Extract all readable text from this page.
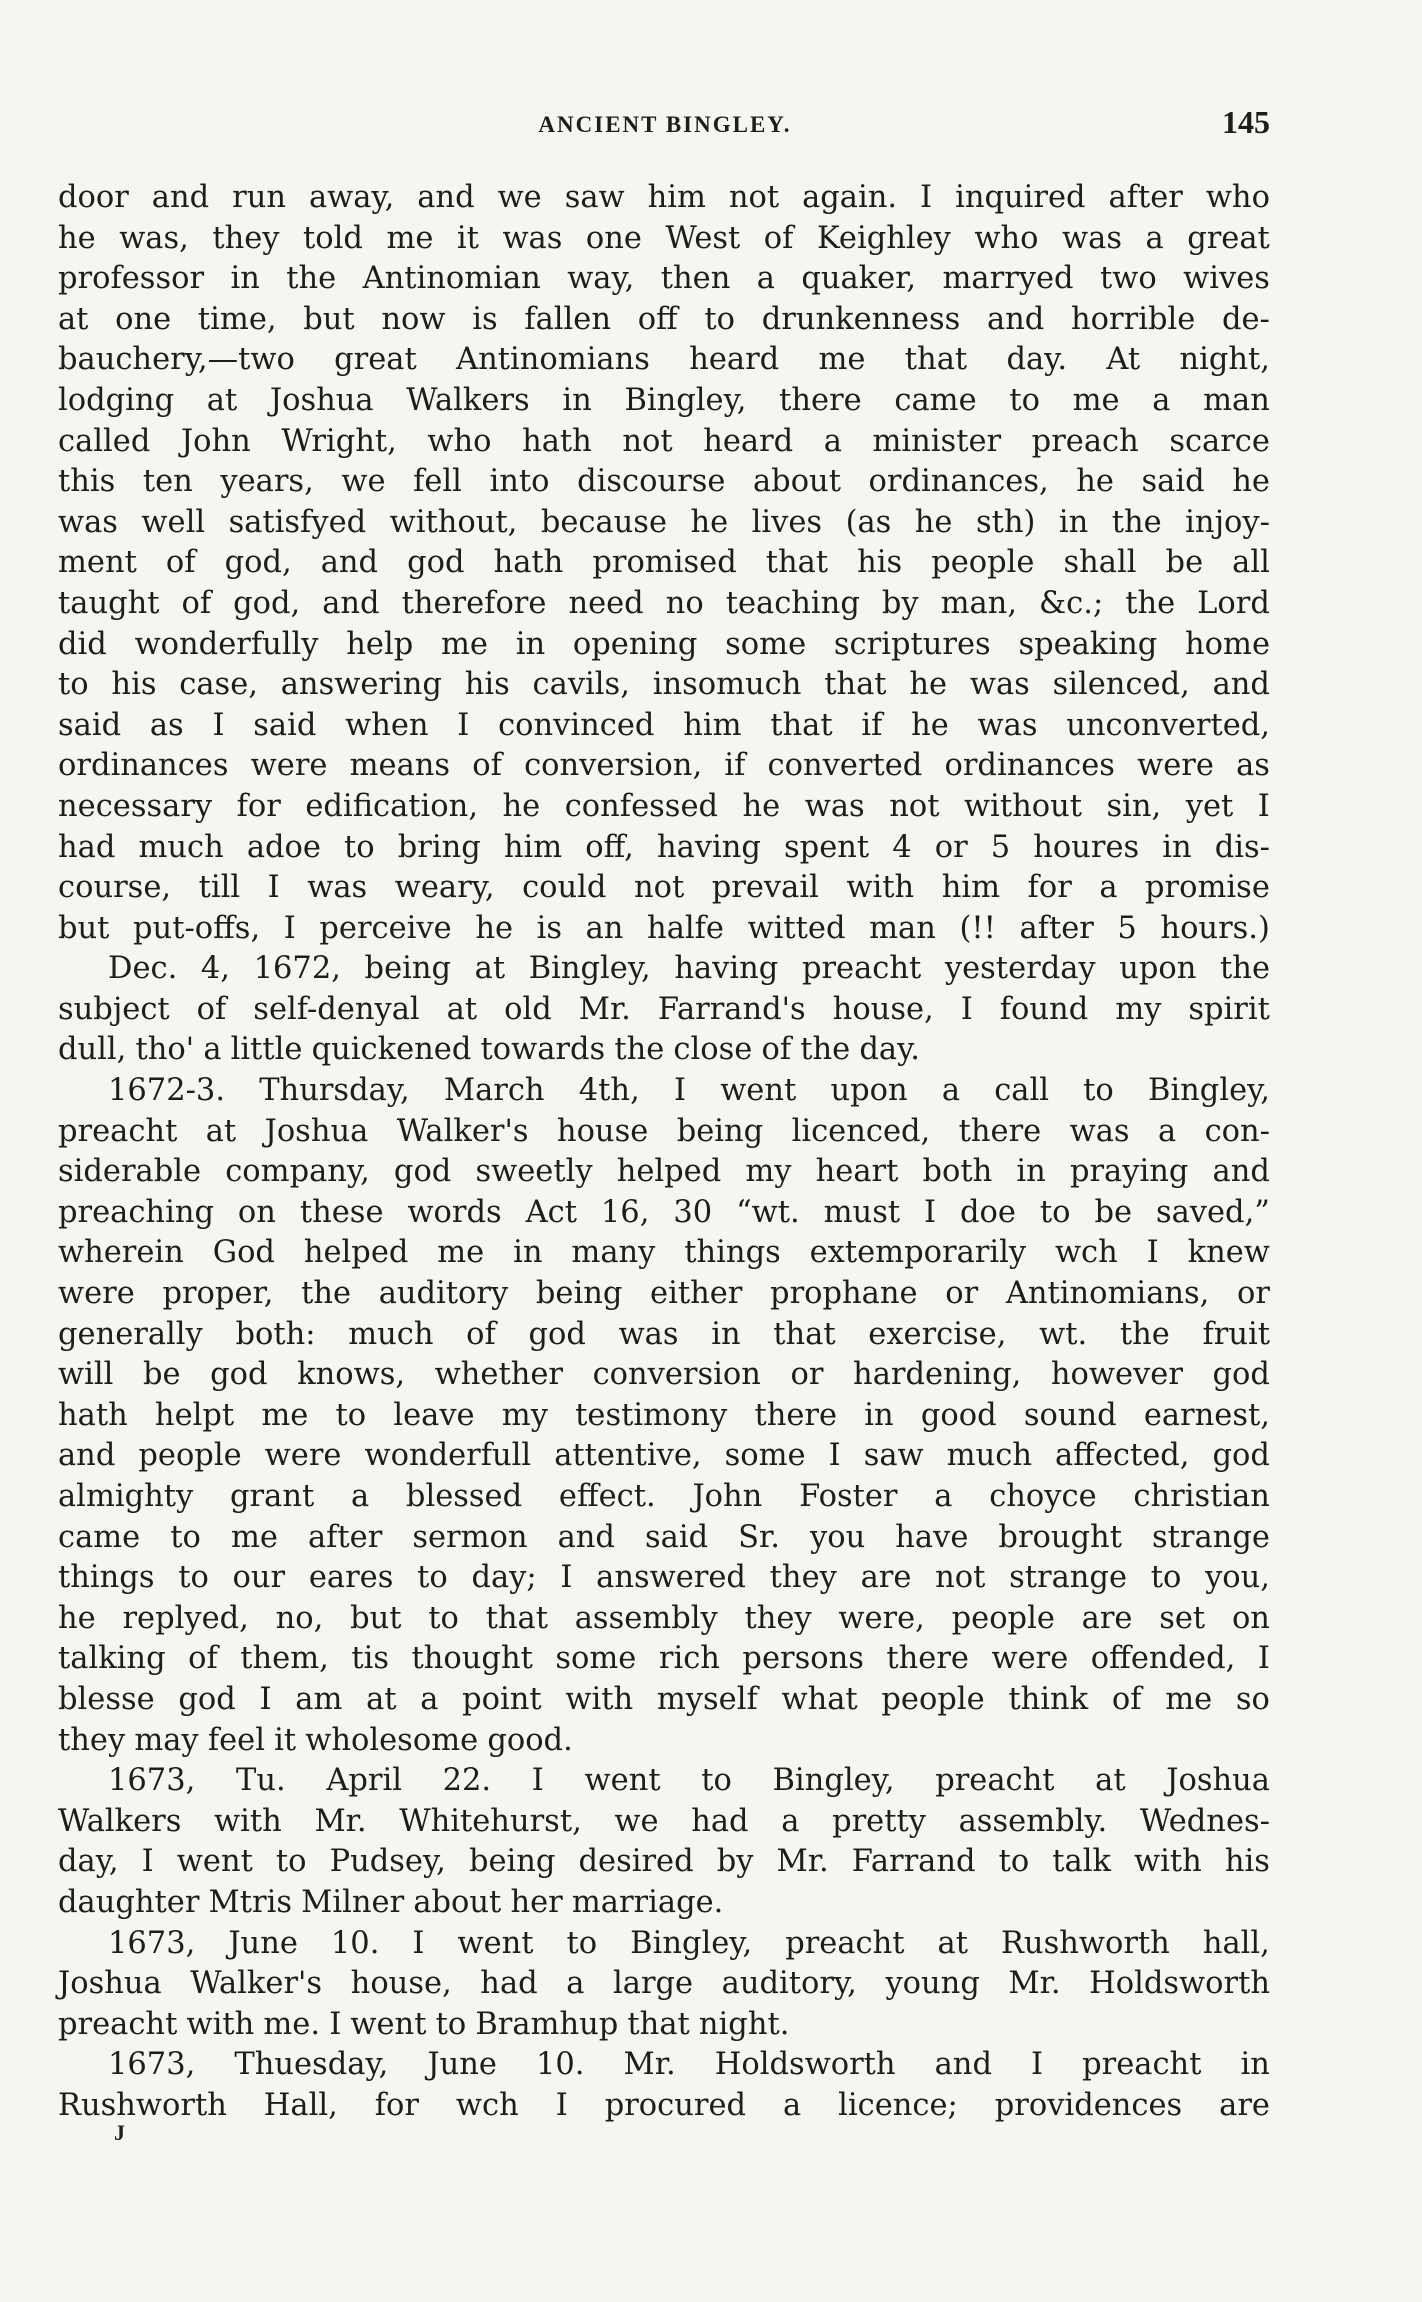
ANCIENT BINGLEY.	145
door and run away, and we saw him not again. I inquired after who
he was, they told me it was one West of Keighley who was a great
professor in the Antinomian way, then a quaker, marryed two wives
at one time, but now is fallen off to drunkenness and horrible de-
bauchery,—two great Antinomians heard me that day. At night,
lodging at Joshua Walkers in Bingley, there came to me a man
called John Wright, who hath not heard a minister preach scarce
this ten years, we fell into discourse about ordinances, he said he
was well satisfyed without, because he lives (as he sth) in the injoy-
ment of god, and god hath promised that his people shall be all
taught of god, and therefore need no teaching by man, &c.; the Lord
did wonderfully help me in opening some scriptures speaking home
to his case, answering his cavils, insomuch that he was silenced, and
said as I said when I convinced him that if he was unconverted,
ordinances were means of conversion, if converted ordinances were as
necessary for edification, he confessed he was not without sin, yet I
had much adoe to bring him off, having spent 4 or 5 houres in dis-
course, till I was weary, could not prevail with him for a promise
but put-offs, I perceive he is an halfe witted man (!! after 5 hours.)
Dec. 4, 1672, being at Bingley, having preacht yesterday upon the
subject of self-denyal at old Mr. Farrand's house, I found my spirit
dull, tho' a little quickened towards the close of the day.
1672-3. Thursday, March 4th, I went upon a call to Bingley,
preacht at Joshua Walker's house being licenced, there was a con-
siderable company, god sweetly helped my heart both in praying and
preaching on these words Act 16, 30 “wt. must I doe to be saved,”
wherein God helped me in many things extemporarily wch I knew
were proper, the auditory being either prophane or Antinomians, or
generally both: much of god was in that exercise, wt. the fruit
will be god knows, whether conversion or hardening, however god
hath helpt me to leave my testimony there in good sound earnest,
and people were wonderfull attentive, some I saw much affected, god
almighty grant a blessed effect. John Foster a choyce christian
came to me after sermon and said Sr. you have brought strange
things to our eares to day; I answered they are not strange to you,
he replyed, no, but to that assembly they were, people are set on
talking of them, tis thought some rich persons there were offended, I
blesse god I am at a point with myself what people think of me so
they may feel it wholesome good.
1673, Tu. April 22. I went to Bingley, preacht at Joshua
Walkers with Mr. Whitehurst, we had a pretty assembly. Wednes-
day, I went to Pudsey, being desired by Mr. Farrand to talk with his
daughter Mtris Milner about her marriage.
1673, June 10. I went to Bingley, preacht at Rushworth hall,
Joshua Walker's house, had a large auditory, young Mr. Holdsworth
preacht with me. I went to Bramhup that night.
1673, Thuesday, June 10. Mr. Holdsworth and I preacht in
Rushworth Hall, for wch I procured a licence; providences are
J
